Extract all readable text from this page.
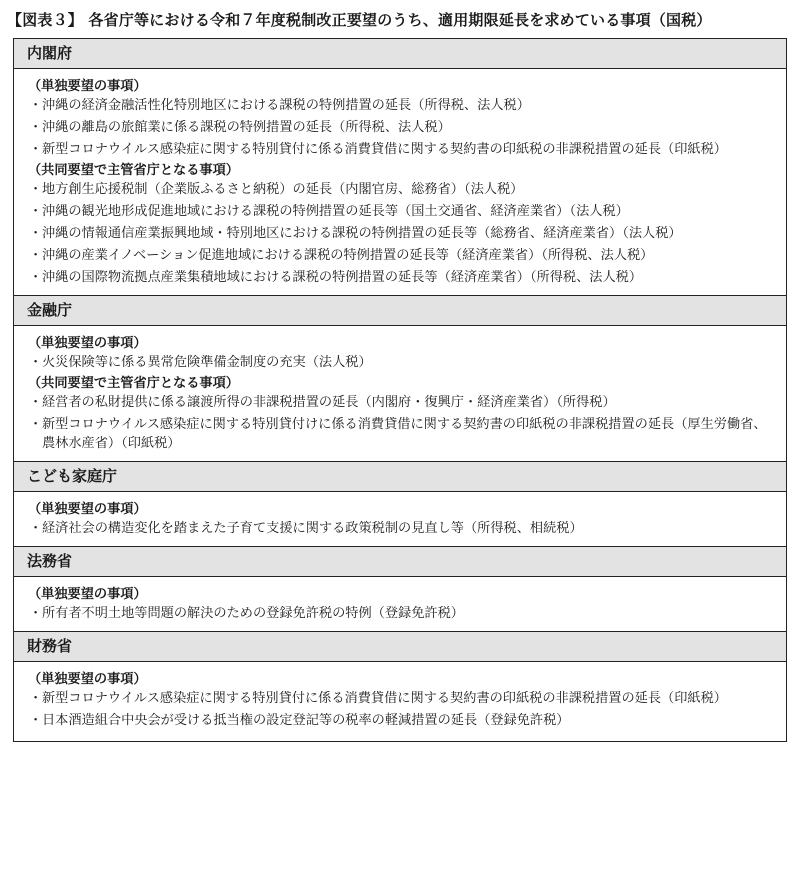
【図表３】 各省庁等における令和７年度税制改正要望のうち、適用期限延長を求めている事項（国税）
内閣府
（単独要望の事項）
・ 沖縄の経済金融活性化特別地区における課税の特例措置の延長（所得税、法人税）
・ 沖縄の離島の旅館業に係る課税の特例措置の延長（所得税、法人税）
・ 新型コロナウイルス感染症に関する特別貸付に係る消費貸借に関する契約書の印紙税の非課税措置の延長（印紙税）
（共同要望で主管省庁となる事項）
・ 地方創生応援税制（企業版ふるさと納税）の延長（内閣官房、総務省）（法人税）
・ 沖縄の観光地形成促進地域における課税の特例措置の延長等（国土交通省、経済産業省）（法人税）
・ 沖縄の情報通信産業振興地域・特別地区における課税の特例措置の延長等（総務省、経済産業省）（法人税）
・ 沖縄の産業イノベーション促進地域における課税の特例措置の延長等（経済産業省）（所得税、法人税）
・ 沖縄の国際物流拠点産業集積地域における課税の特例措置の延長等（経済産業省）（所得税、法人税）
金融庁
（単独要望の事項）
・ 火災保険等に係る異常危険準備金制度の充実（法人税）
（共同要望で主管省庁となる事項）
・ 経営者の私財提供に係る譲渡所得の非課税措置の延長（内閣府・復興庁・経済産業省）（所得税）
・ 新型コロナウイルス感染症に関する特別貸付けに係る消費貸借に関する契約書の印紙税の非課税措置の延長（厚生労働省、農林水産省）（印紙税）
こども家庭庁
（単独要望の事項）
・ 経済社会の構造変化を踏まえた子育て支援に関する政策税制の見直し等（所得税、相続税）
法務省
（単独要望の事項）
・ 所有者不明土地等問題の解決のための登録免許税の特例（登録免許税）
財務省
（単独要望の事項）
・ 新型コロナウイルス感染症に関する特別貸付に係る消費貸借に関する契約書の印紙税の非課税措置の延長（印紙税）
・ 日本酒造組合中央会が受ける抵当権の設定登記等の税率の軽減措置の延長（登録免許税）
